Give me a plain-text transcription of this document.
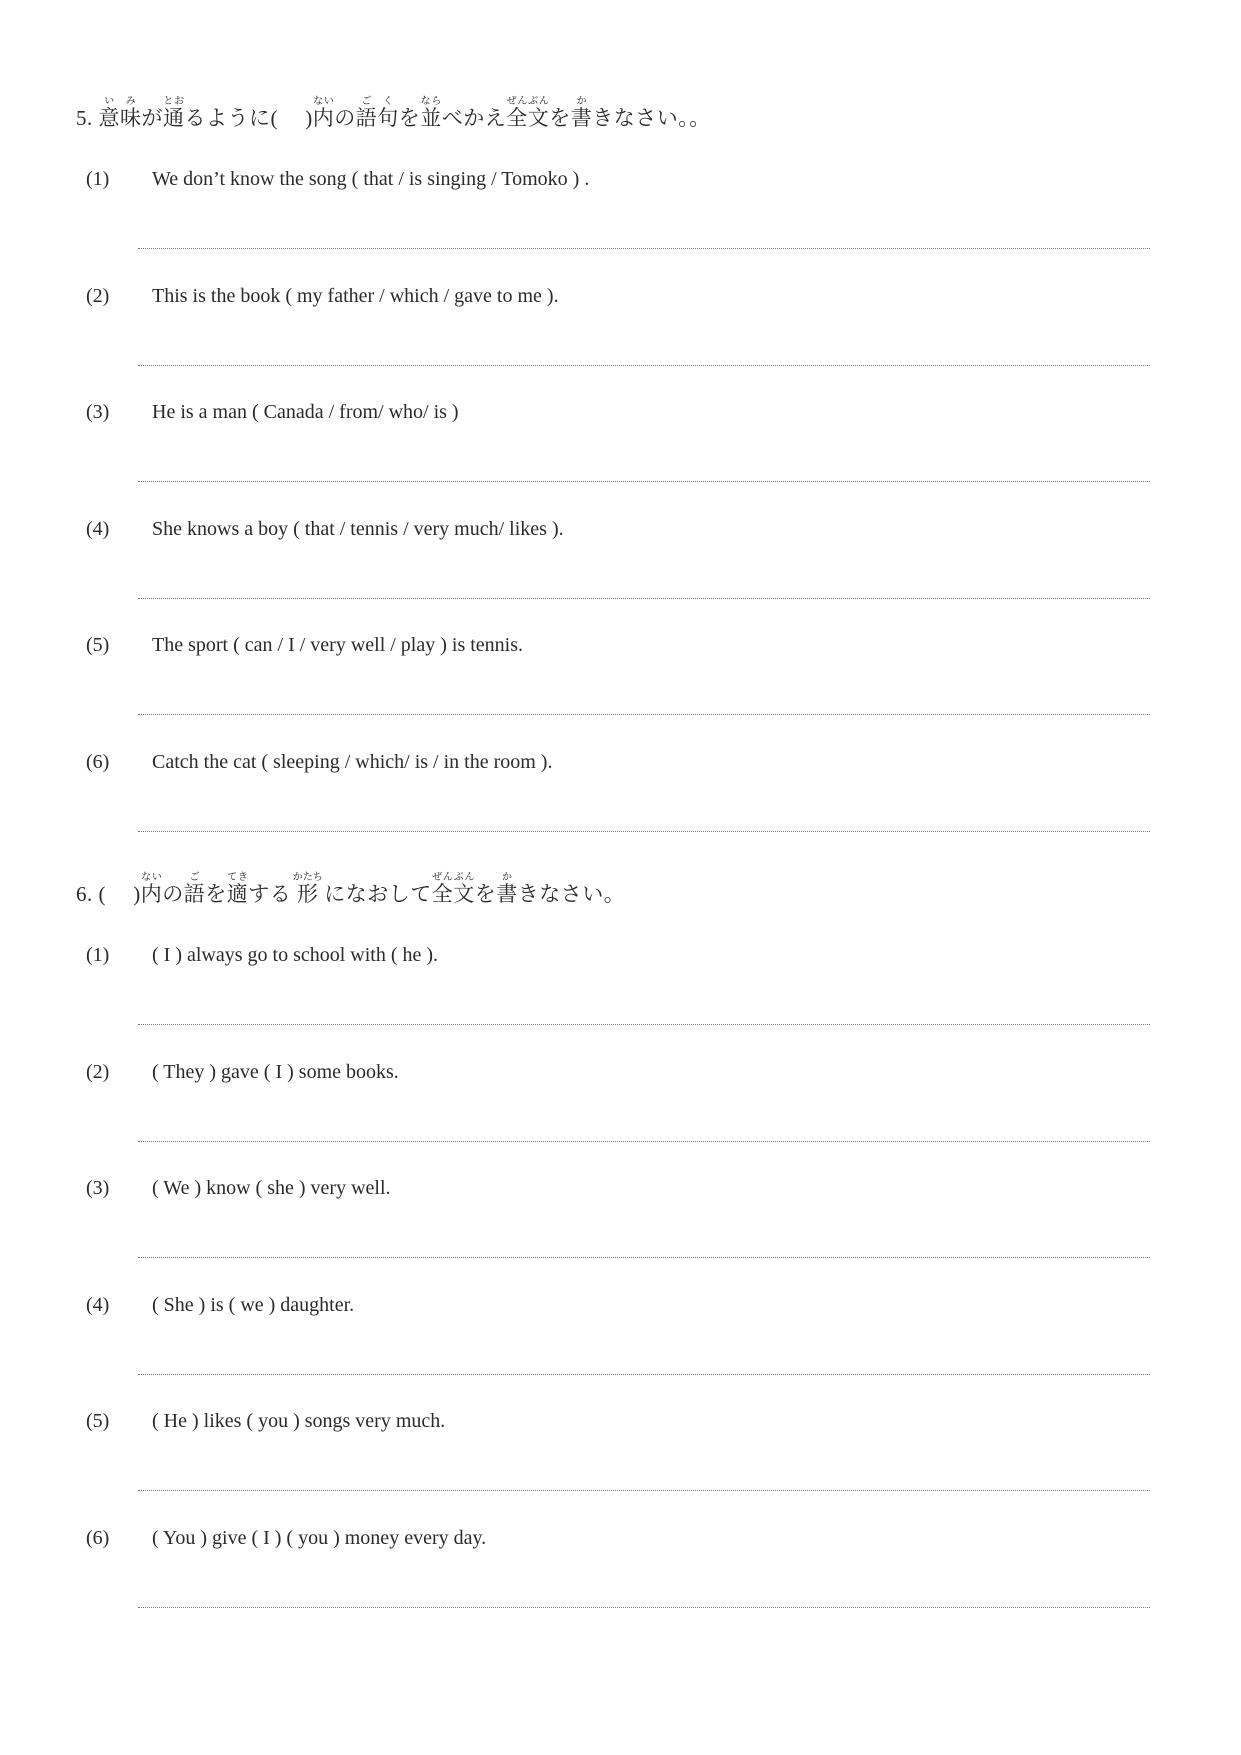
5. 意い味みが通とおるように(　 )内ないの語ご句くを並ならべかえ全ぜん文ぶんを書かきなさい。。
(1) We don’t know the song ( that / is singing / Tomoko ) .
(2) This is the book ( my father / which / gave to me ).
(3) He is a man ( Canada / from/ who/ is )
(4) She knows a boy ( that / tennis / very much/ likes ).
(5) The sport ( can / I / very well / play ) is tennis.
(6) Catch the cat ( sleeping / which/ is / in the room ).
6. (　 )内ないの語ごを適てきする 形かたち になおして全ぜん文ぶんを書かきなさい。
(1) ( I ) always go to school with ( he ).
(2) ( They ) gave ( I ) some books.
(3) ( We ) know ( she ) very well.
(4) ( She ) is ( we ) daughter.
(5) ( He ) likes ( you ) songs very much.
(6) ( You ) give ( I ) ( you ) money every day.
